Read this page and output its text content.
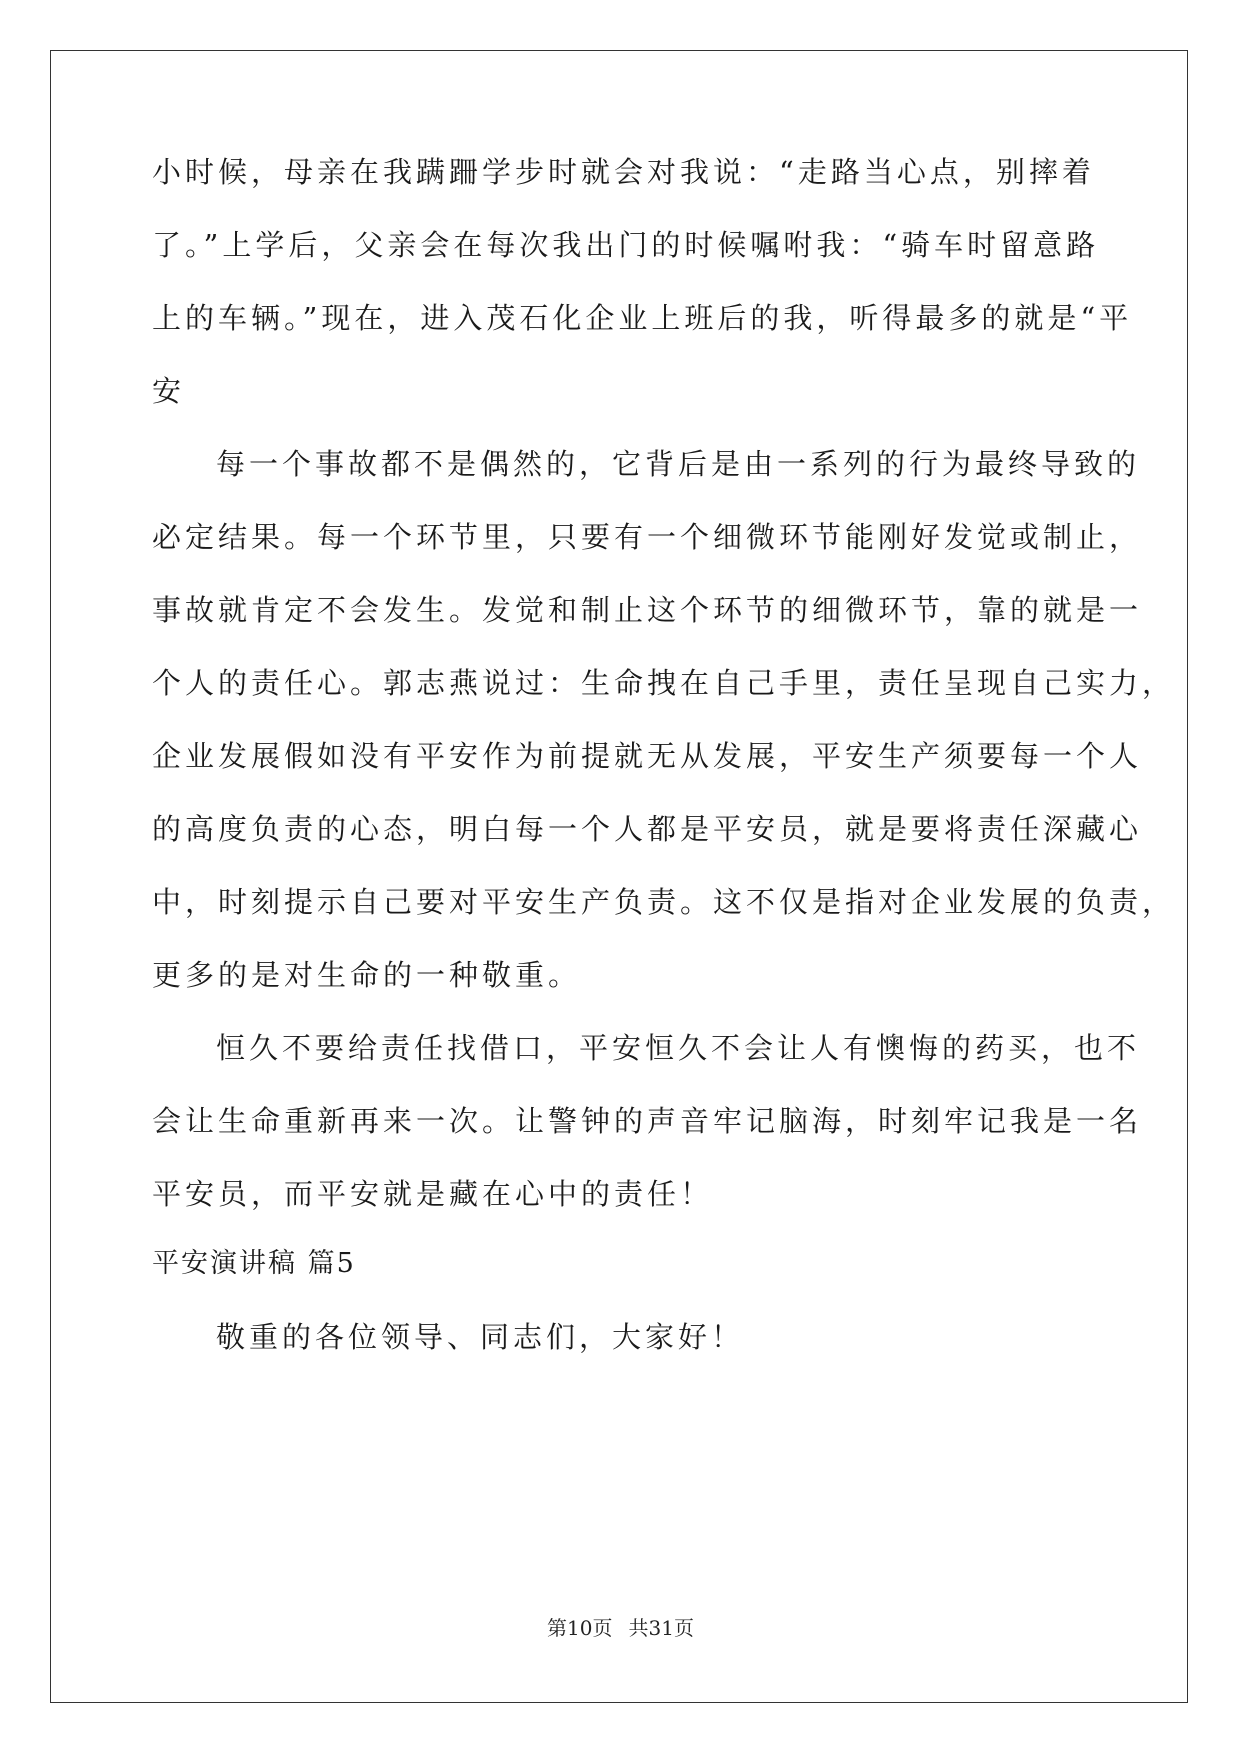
小时候，母亲在我蹒跚学步时就会对我说：“走路当心点，别摔着
了。”上学后，父亲会在每次我出门的时候嘱咐我：“骑车时留意路
上的车辆。”现在，进入茂石化企业上班后的我，听得最多的就是“平
安
每一个事故都不是偶然的，它背后是由一系列的行为最终导致的
必定结果。每一个环节里，只要有一个细微环节能刚好发觉或制止，
事故就肯定不会发生。发觉和制止这个环节的细微环节，靠的就是一
个人的责任心。郭志燕说过：生命拽在自己手里，责任呈现自己实力，
企业发展假如没有平安作为前提就无从发展，平安生产须要每一个人
的高度负责的心态，明白每一个人都是平安员，就是要将责任深藏心
中，时刻提示自己要对平安生产负责。这不仅是指对企业发展的负责，
更多的是对生命的一种敬重。
恒久不要给责任找借口，平安恒久不会让人有懊悔的药买，也不
会让生命重新再来一次。让警钟的声音牢记脑海，时刻牢记我是一名
平安员，而平安就是藏在心中的责任！
平安演讲稿 篇5
敬重的各位领导、同志们，大家好！
第10页 共31页
